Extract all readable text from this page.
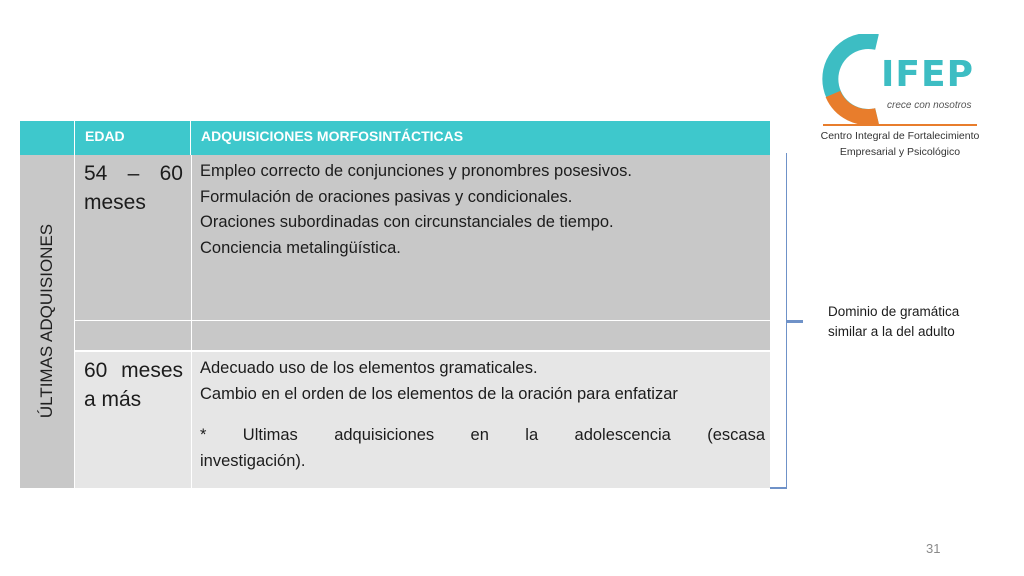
IFEP
crece con nosotros
Centro Integral de Fortalecimiento
Empresarial y Psicológico
EDAD	ADQUISICIONES MORFOSINTÁCTICAS
ÚLTIMAS ADQUISIONES
54 – 60
meses

Empleo correcto de conjunciones y pronombres posesivos.

Formulación de oraciones pasivas y condicionales.

Oraciones subordinadas con circunstanciales de tiempo.

Conciencia metalingüística.

60 meses
a más

Adecuado uso de los elementos gramaticales.

Cambio en el orden de los elementos de la oración para enfatizar

* Ultimas adquisiciones en la adolescencia (escasa

investigación).

Dominio de gramática
similar a la del adulto
31
